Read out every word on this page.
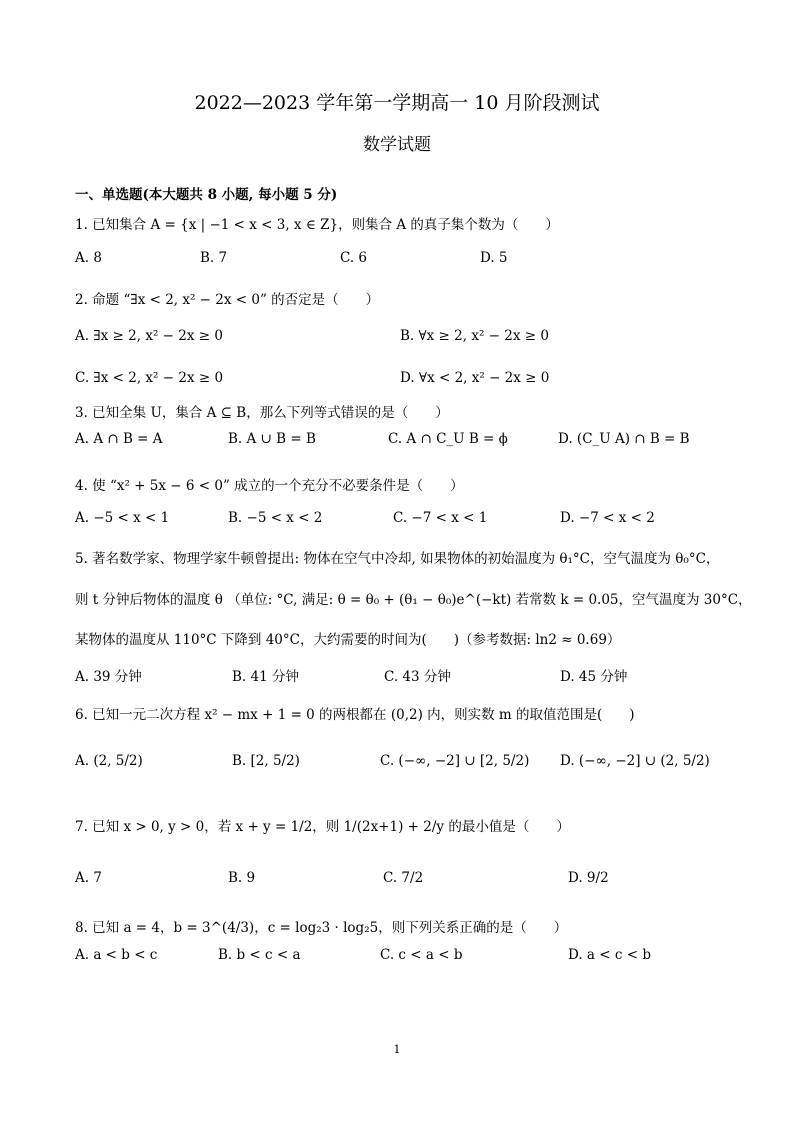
2022—2023 学年第一学期高一 10 月阶段测试
数学试题
一、单选题(本大题共 8 小题, 每小题 5 分)
1. 已知集合 A = {x | −1 < x < 3, x ∈ Z}，则集合 A 的真子集个数为（　　）
A. 8	B. 7	C. 6	D. 5
2. 命题 “∃x < 2, x² − 2x < 0” 的否定是（　　）
A. ∃x ≥ 2, x² − 2x ≥ 0	B. ∀x ≥ 2, x² − 2x ≥ 0
C. ∃x < 2, x² − 2x ≥ 0	D. ∀x < 2, x² − 2x ≥ 0
3. 已知全集 U，集合 A ⊆ B，那么下列等式错误的是（　　）
A. A ∩ B = A	B. A ∪ B = B	C. A ∩ C_U B = ϕ	D. (C_U A) ∩ B = B
4. 使 “x² + 5x − 6 < 0” 成立的一个充分不必要条件是（　　）
A. −5 < x < 1	B. −5 < x < 2	C. −7 < x < 1	D. −7 < x < 2
5. 著名数学家、物理学家牛顿曾提出: 物体在空气中冷却, 如果物体的初始温度为 θ₁°C，空气温度为 θ₀°C，
则 t 分钟后物体的温度 θ （单位: °C, 满足: θ = θ₀ + (θ₁ − θ₀)e^(−kt) 若常数 k = 0.05，空气温度为 30°C，
某物体的温度从 110°C 下降到 40°C，大约需要的时间为(　　)（参考数据: ln2 ≈ 0.69）
A. 39 分钟	B. 41 分钟	C. 43 分钟	D. 45 分钟
6. 已知一元二次方程 x² − mx + 1 = 0 的两根都在 (0,2) 内，则实数 m 的取值范围是(　　)
A. (2, 5/2)	B. [2, 5/2)	C. (−∞, −2] ∪ [2, 5/2) D. (−∞, −2] ∪ (2, 5/2)
7. 已知 x > 0, y > 0，若 x + y = 1/2，则 1/(2x+1) + 2/y 的最小值是（　　）
A. 7	B. 9	C. 7/2	D. 9/2
8. 已知 a = 4，b = 3^(4/3)，c = log₂3 · log₂5，则下列关系正确的是（　　）
A. a < b < c	B. b < c < a	C. c < a < b	D. a < c < b
1
